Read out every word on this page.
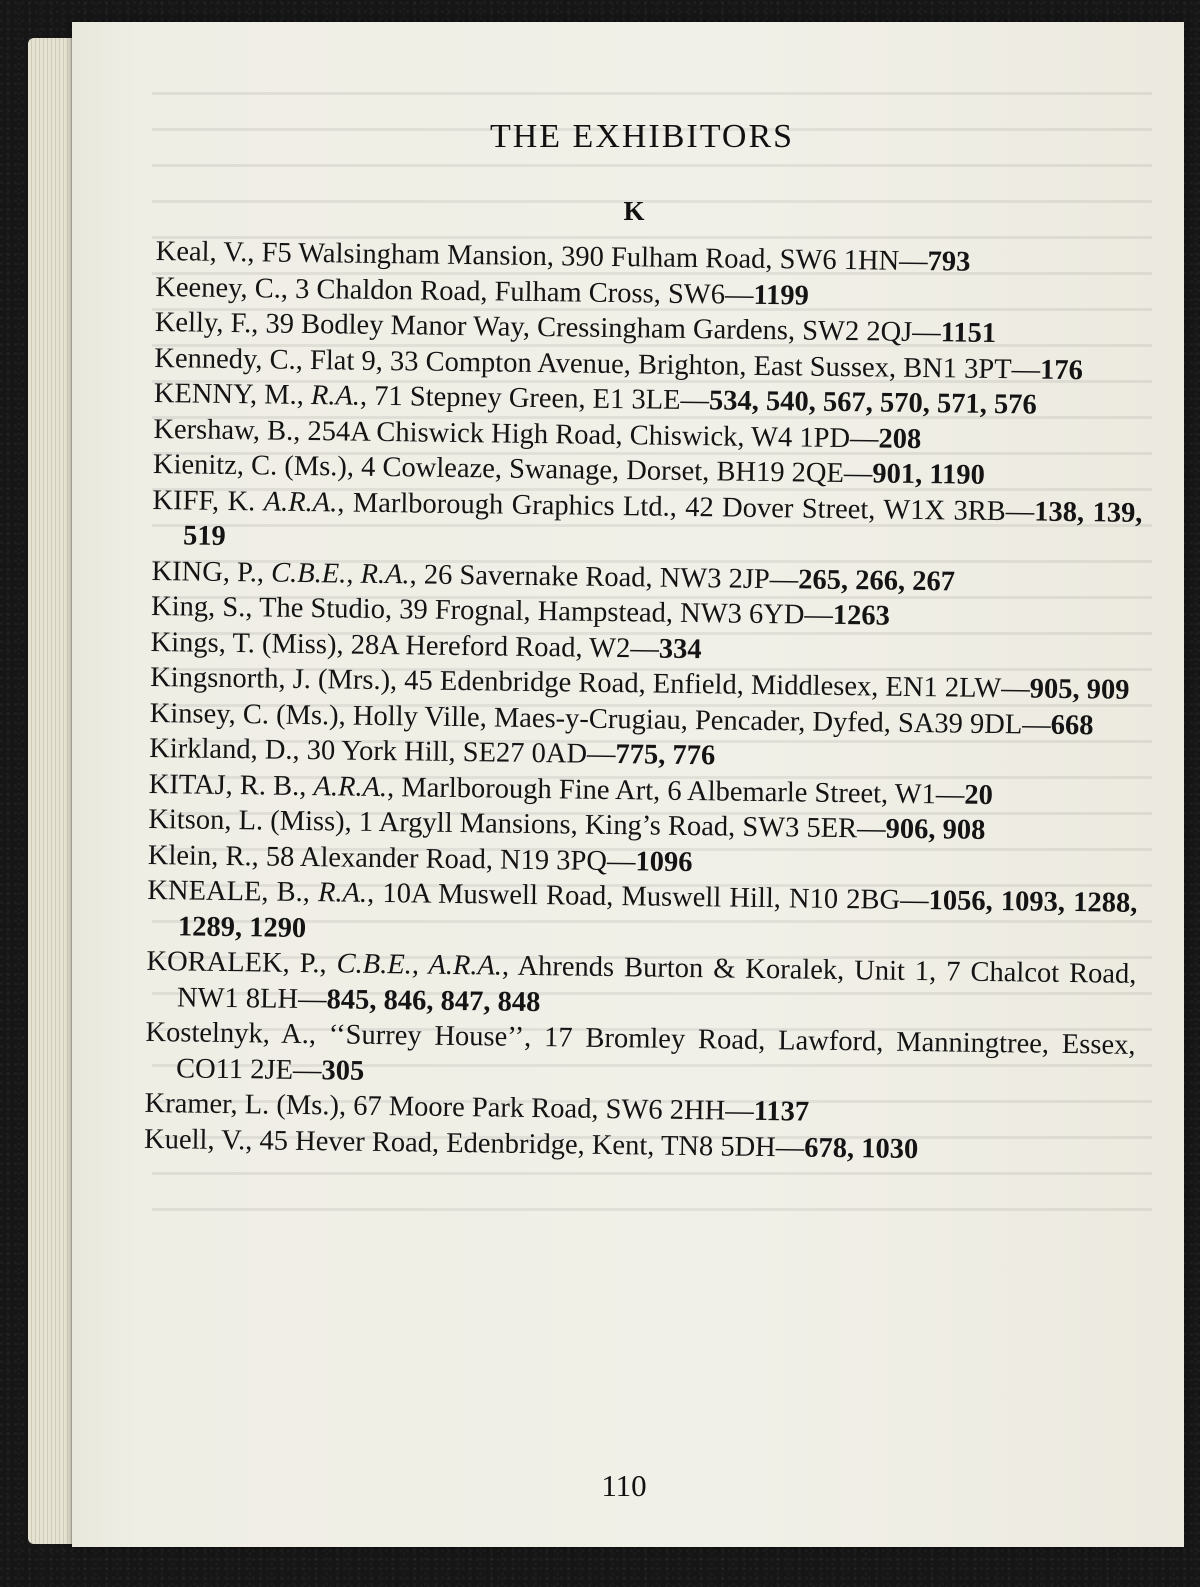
THE EXHIBITORS
K
Keal, V., F5 Walsingham Mansion, 390 Fulham Road, SW6 1HN—793
Keeney, C., 3 Chaldon Road, Fulham Cross, SW6—1199
Kelly, F., 39 Bodley Manor Way, Cressingham Gardens, SW2 2QJ—1151
Kennedy, C., Flat 9, 33 Compton Avenue, Brighton, East Sussex, BN1 3PT—176
KENNY, M., R.A., 71 Stepney Green, E1 3LE—534, 540, 567, 570, 571, 576
Kershaw, B., 254A Chiswick High Road, Chiswick, W4 1PD—208
Kienitz, C. (Ms.), 4 Cowleaze, Swanage, Dorset, BH19 2QE—901, 1190
KIFF, K. A.R.A., Marlborough Graphics Ltd., 42 Dover Street, W1X 3RB—138, 139, 519
KING, P., C.B.E., R.A., 26 Savernake Road, NW3 2JP—265, 266, 267
King, S., The Studio, 39 Frognal, Hampstead, NW3 6YD—1263
Kings, T. (Miss), 28A Hereford Road, W2—334
Kingsnorth, J. (Mrs.), 45 Edenbridge Road, Enfield, Middlesex, EN1 2LW—905, 909
Kinsey, C. (Ms.), Holly Ville, Maes-y-Crugiau, Pencader, Dyfed, SA39 9DL—668
Kirkland, D., 30 York Hill, SE27 0AD—775, 776
KITAJ, R. B., A.R.A., Marlborough Fine Art, 6 Albemarle Street, W1—20
Kitson, L. (Miss), 1 Argyll Mansions, King’s Road, SW3 5ER—906, 908
Klein, R., 58 Alexander Road, N19 3PQ—1096
KNEALE, B., R.A., 10A Muswell Road, Muswell Hill, N10 2BG—1056, 1093, 1288, 1289, 1290
KORALEK, P., C.B.E., A.R.A., Ahrends Burton & Koralek, Unit 1, 7 Chalcot Road, NW1 8LH—845, 846, 847, 848
Kostelnyk, A., ‘‘Surrey House’’, 17 Bromley Road, Lawford, Manningtree, Essex, CO11 2JE—305
Kramer, L. (Ms.), 67 Moore Park Road, SW6 2HH—1137
Kuell, V., 45 Hever Road, Edenbridge, Kent, TN8 5DH—678, 1030
110
